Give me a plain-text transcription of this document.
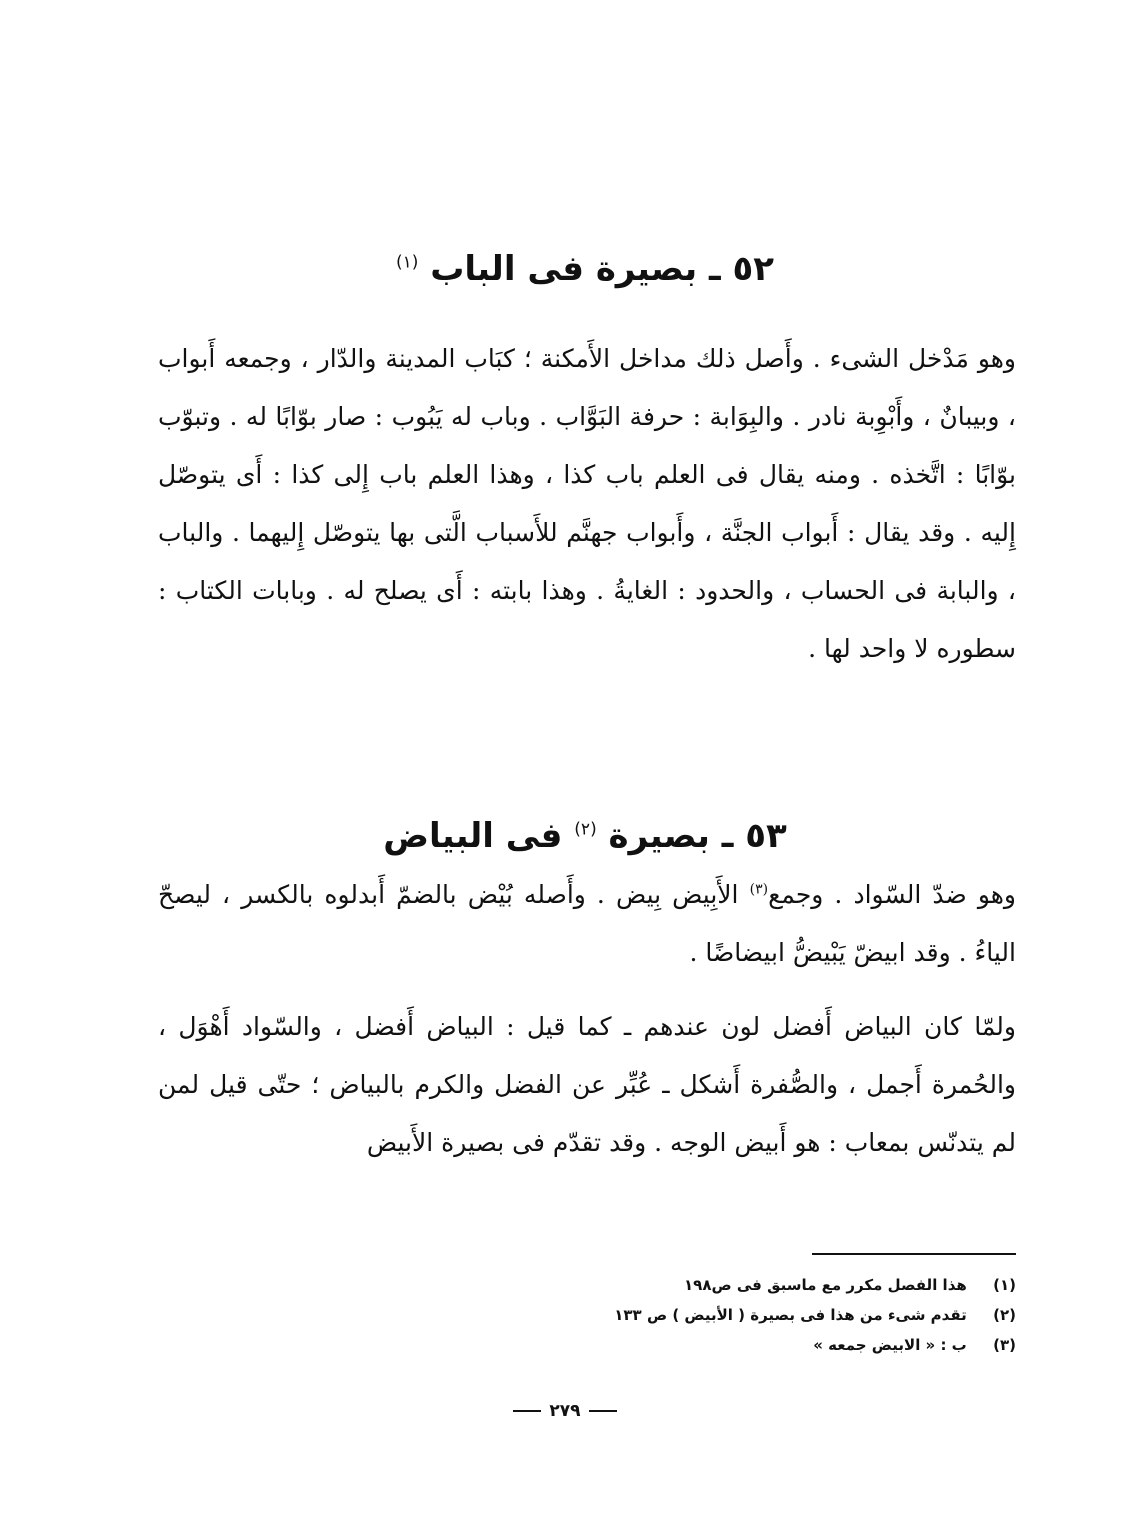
٥٢ ـ بصيرة فى الباب $^{(١)}$

وهو مَدْخل الشىء . وأَصل ذلك مداخل الأَمكنة ؛ كبَاب المدينة والدّار ، وجمعه أَبواب ، وبيبانٌ ، وأَبْوِبة نادر . والبِوَابة : حرفة البَوَّاب . وباب له يَبُوب : صار بوّابًا له . وتبوّب بوّابًا : اتَّخذه . ومنه يقال فى العلم باب كذا ، وهذا العلم باب إِلى كذا : أَى يتوصّل إِليه . وقد يقال : أَبواب الجنَّة ، وأَبواب جهنَّم للأَسباب الَّتى بها يتوصّل إِليهما . والباب ، والبابة فى الحساب ، والحدود : الغايةُ . وهذا بابته : أَى يصلح له . وبابات الكتاب : سطوره لا واحد لها .

٥٣ ـ بصيرة $^{(٢)}$ فى البياض

وهو ضدّ السّواد . وجمع$^{(٣)}$ الأَبِيض بِيض . وأَصله بُيْض بالضمّ أَبدلوه بالكسر ، ليصحّ الياءُ . وقد ابيضّ يَبْيضُّ ابيضاضًا .

ولمّا كان البياض أَفضل لون عندهم ـ كما قيل : البياض أَفضل ، والسّواد أَهْوَل ، والحُمرة أَجمل ، والصُّفرة أَشكل ـ عُبِّر عن الفضل والكرم بالبياض ؛ حتّى قيل لمن لم يتدنّس بمعاب : هو أَبيض الوجه . وقد تقدّم فى بصيرة الأَبيض

(١) هذا الفصل مكرر مع ماسبق فى ص١٩٨
(٢) تقدم شىء من هذا فى بصيرة ( الأبيض ) ص ١٣٣
(٣) ب : « الابيض جمعه »
٢٧٩
